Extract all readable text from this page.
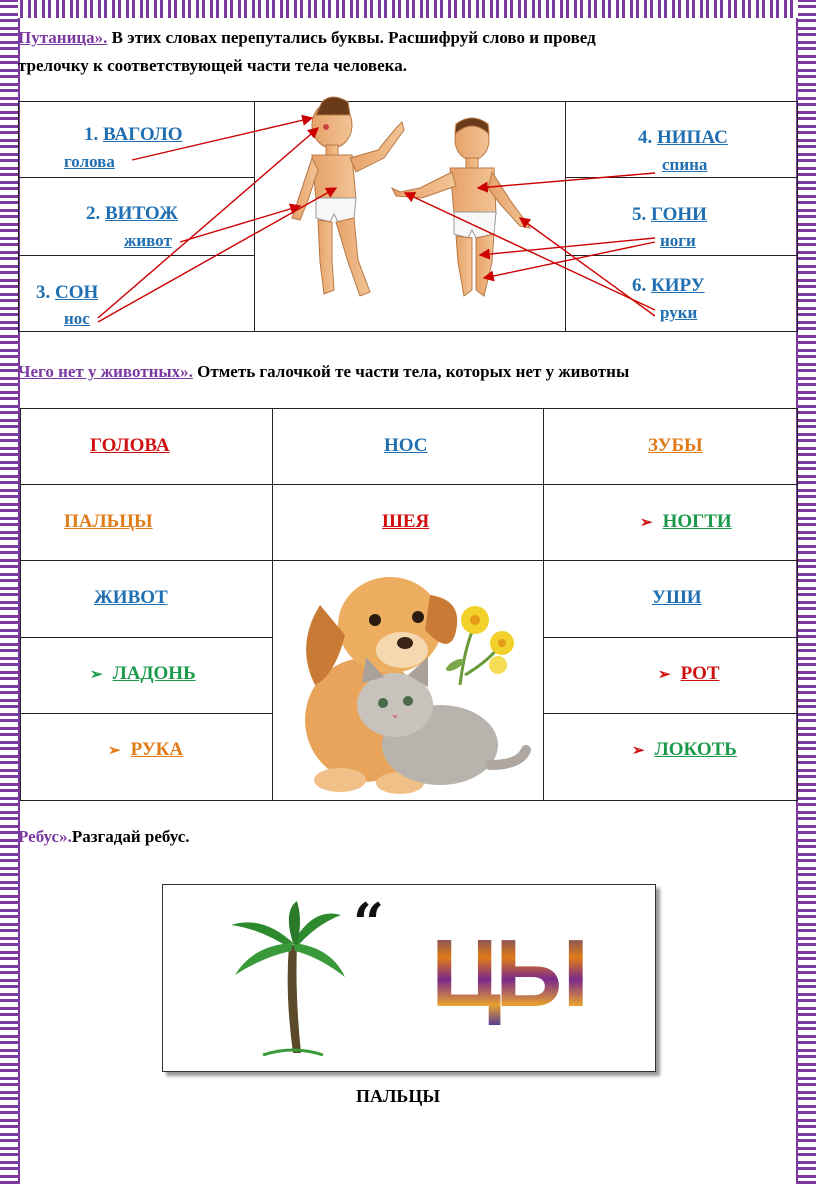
Путаница». В этих словах перепутались буквы. Расшифруй слово и провед
трелочку к соответствующей части тела человека.

1. ВАГОЛО
голова
2. ВИТОЖ
живот
3. СОН
нос
4. НИПАС
спина
5. ГОНИ
ноги
6. КИРУ
руки
Чего нет у животных». Отметь галочкой те части тела, которых нет у животны

ГОЛОВА	НОС	ЗУБЫ
ПАЛЬЦЫ	ШЕЯ	➢ НОГТИ
ЖИВОТ	УШИ
➢ ЛАДОНЬ	➢ РОТ
➢ РУКА	➢ ЛОКОТЬ
Ребус».Разгадай ребус.
“ ЦЫ
ПАЛЬЦЫ
